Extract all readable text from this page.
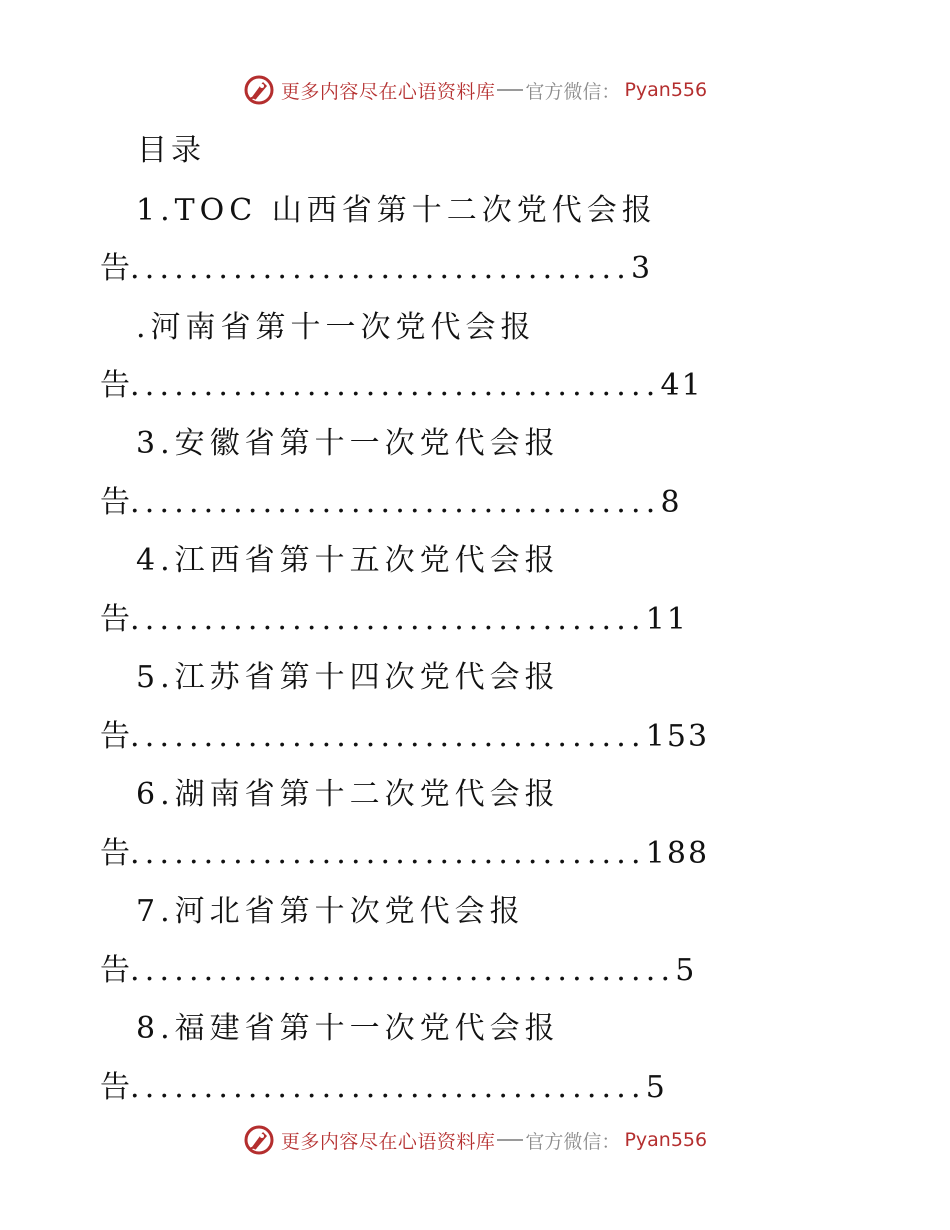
更多内容尽在心语资料库 官方微信： Pyan556
目录
1.TOC 山西省第十二次党代会报
告..................................3
.河南省第十一次党代会报
告....................................41
3.安徽省第十一次党代会报
告....................................8
4.江西省第十五次党代会报
告...................................11
5.江苏省第十四次党代会报
告...................................153
6.湖南省第十二次党代会报
告...................................188
7.河北省第十次党代会报
告.....................................5
8.福建省第十一次党代会报
告...................................5
更多内容尽在心语资料库 官方微信： Pyan556
